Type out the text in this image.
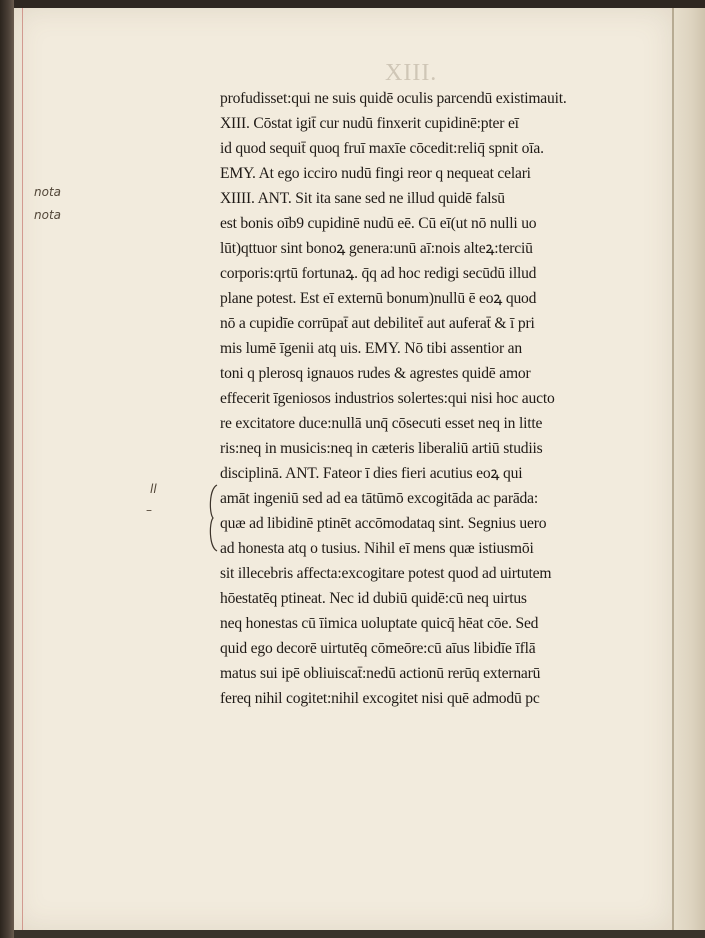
XIII.
nota
nota
ll
–
profudisset:qui ne suis quidē oculis parcendū existimauit.
XIII. Cōstat igit̄ cur nudū finxerit cupidinē:pter eī
id quod sequit̄ quoq fruī maxīe cōcedit:reliq̄ spnit oīa.
EMY. At ego icciro nudū fingi reor q nequeat celari
XIIII. ANT. Sit ita sane sed ne illud quidē falsū
est bonis oīb9 cupidinē nudū eē. Cū eī(ut nō nulli uo
lūt)qttuor sint bonoꝝ genera:unū aī:nois alteꝝ:terciū
corporis:qrtū fortunaꝝ. q̄q ad hoc redigi secūdū illud
plane potest. Est eī externū bonum)nullū ē eoꝝ quod
nō a cupidīe corrūpat̄ aut debilitet̄ aut auferat̄ & ī pri
mis lumē īgenii atq uis. EMY. Nō tibi assentior an
toni q plerosq ignauos rudes & agrestes quidē amor
effecerit īgeniosos industrios solertes:qui nisi hoc aucto
re excitatore duce:nullā unq̄ cōsecuti esset neq in litte
ris:neq in musicis:neq in cæteris liberaliū artiū studiis
disciplinā. ANT. Fateor ī dies fieri acutius eoꝝ qui
amāt ingeniū sed ad ea tātūmō excogitāda ac parāda:
quæ ad libidinē ptinēt accōmodataq sint. Segnius uero
ad honesta atq o tusius. Nihil eī mens quæ istiusmōi
sit illecebris affecta:excogitare potest quod ad uirtutem
hōestatēq ptineat. Nec id dubiū quidē:cū neq uirtus
neq honestas cū īimica uoluptate quicq̄ hēat cōe. Sed
quid ego decorē uirtutēq cōmeōre:cū aīus libidīe īflā
matus sui ipē obliuiscat̄:nedū actionū rerūq externarū
fereq nihil cogitet:nihil excogitet nisi quē admodū pc
